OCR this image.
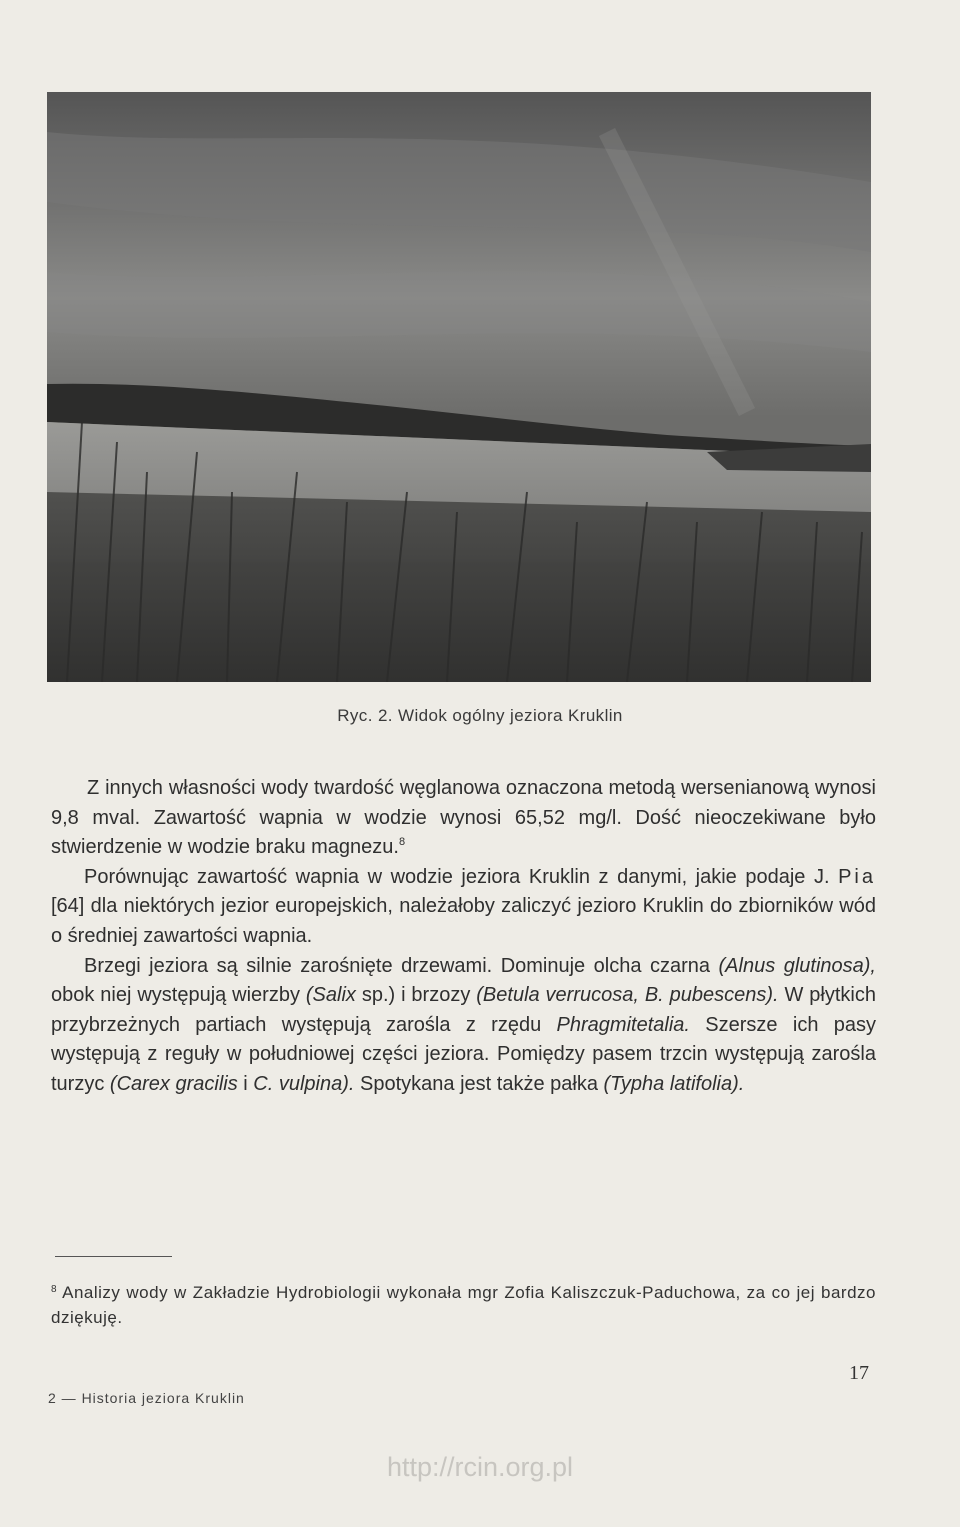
Ryc. 2. Widok ogólny jeziora Kruklin

Z innych własności wody twardość węglanowa oznaczona metodą wersenianową wynosi 9,8 mval. Zawartość wapnia w wodzie wynosi 65,52 mg/l. Dość nieoczekiwane było stwierdzenie w wodzie braku magnezu.$^8$

Porównując zawartość wapnia w wodzie jeziora Kruklin z danymi, jakie podaje J. Pia [64] dla niektórych jezior europejskich, należałoby zaliczyć jezioro Kruklin do zbiorników wód o średniej zawartości wapnia.

Brzegi jeziora są silnie zarośnięte drzewami. Dominuje olcha czarna (Alnus glutinosa), obok niej występują wierzby (Salix sp.) i brzozy (Betula verrucosa, B. pubescens). W płytkich przybrzeżnych partiach występują zarośla z rzędu Phragmitetalia. Szersze ich pasy występują z reguły w południowej części jeziora. Pomiędzy pasem trzcin występują zarośla turzyc (Carex gracilis i C. vulpina). Spotykana jest także pałka (Typha latifolia).

$^8$ Analizy wody w Zakładzie Hydrobiologii wykonała mgr Zofia Kaliszczuk-Paduchowa, za co jej bardzo dziękuję.
17
2 — Historia jeziora Kruklin
http://rcin.org.pl
